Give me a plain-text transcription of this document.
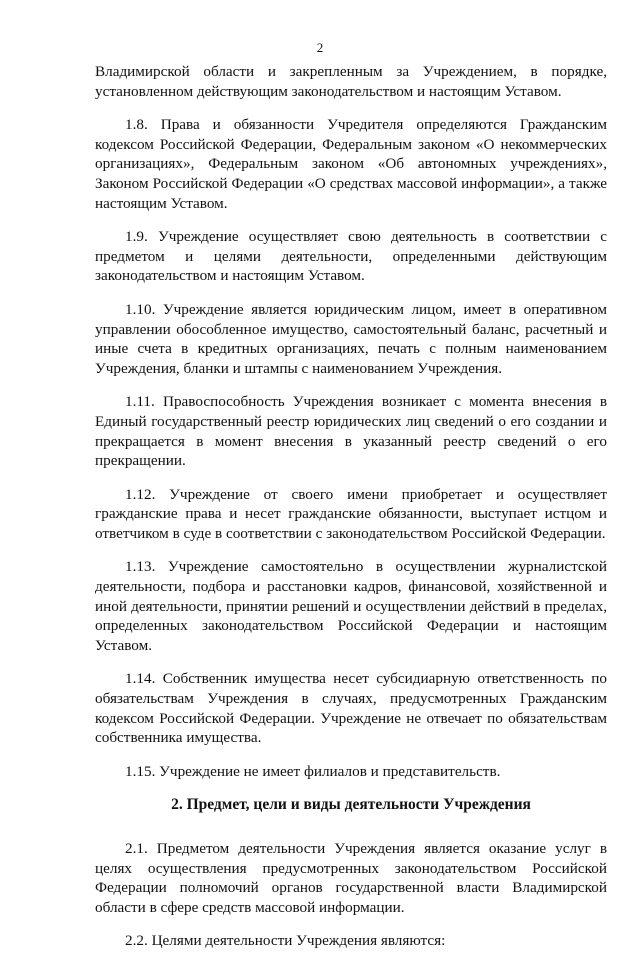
2

Владимирской области и закрепленным за Учреждением, в порядке, установленном действующим законодательством и настоящим Уставом.

1.8. Права и обязанности Учредителя определяются Гражданским кодексом Российской Федерации, Федеральным законом «О некоммерческих организациях», Федеральным законом «Об автономных учреждениях», Законом Российской Федерации «О средствах массовой информации», а также настоящим Уставом.

1.9. Учреждение осуществляет свою деятельность в соответствии с предметом и целями деятельности, определенными действующим законодательством и настоящим Уставом.

1.10. Учреждение является юридическим лицом, имеет в оперативном управлении обособленное имущество, самостоятельный баланс, расчетный и иные счета в кредитных организациях, печать с полным наименованием Учреждения, бланки и штампы с наименованием Учреждения.

1.11. Правоспособность Учреждения возникает с момента внесения в Единый государственный реестр юридических лиц сведений о его создании и прекращается в момент внесения в указанный реестр сведений о его прекращении.

1.12. Учреждение от своего имени приобретает и осуществляет гражданские права и несет гражданские обязанности, выступает истцом и ответчиком в суде в соответствии с законодательством Российской Федерации.

1.13. Учреждение самостоятельно в осуществлении журналистской деятельности, подбора и расстановки кадров, финансовой, хозяйственной и иной деятельности, принятии решений и осуществлении действий в пределах, определенных законодательством Российской Федерации и настоящим Уставом.

1.14. Собственник имущества несет субсидиарную ответственность по обязательствам Учреждения в случаях, предусмотренных Гражданским кодексом Российской Федерации. Учреждение не отвечает по обязательствам собственника имущества.

1.15. Учреждение не имеет филиалов и представительств.

2. Предмет, цели и виды деятельности Учреждения

2.1. Предметом деятельности Учреждения является оказание услуг в целях осуществления предусмотренных законодательством Российской Федерации полномочий органов государственной власти Владимирской области в сфере средств массовой информации.

2.2. Целями деятельности Учреждения являются:
